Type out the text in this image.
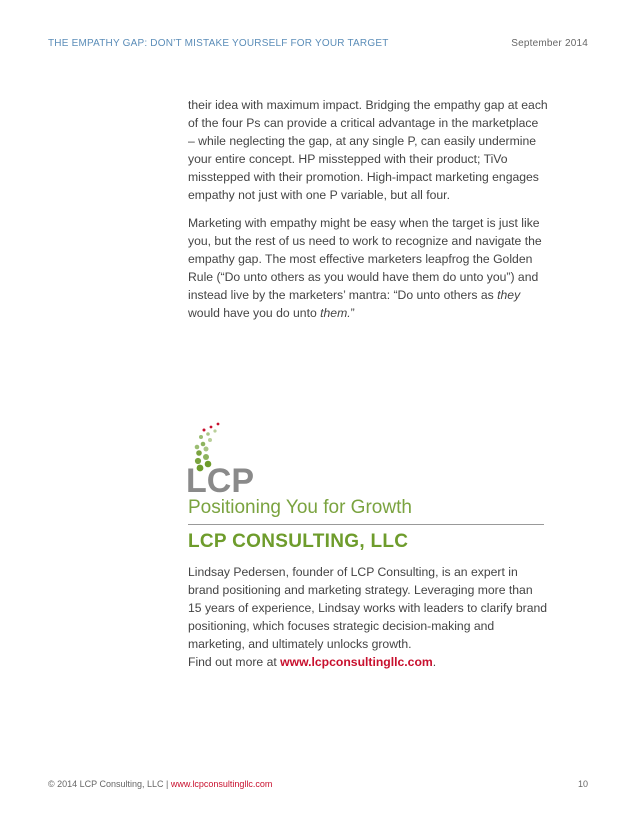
THE EMPATHY GAP: DON’T MISTAKE YOURSELF FOR YOUR TARGET	September 2014

their idea with maximum impact. Bridging the empathy gap at each of the four Ps can provide a critical advantage in the marketplace – while neglecting the gap, at any single P, can easily undermine your entire concept. HP misstepped with their product; TiVo misstepped with their promotion. High-impact marketing engages empathy not just with one P variable, but all four.

Marketing with empathy might be easy when the target is just like you, but the rest of us need to work to recognize and navigate the empathy gap. The most effective marketers leapfrog the Golden Rule (“Do unto others as you would have them do unto you”) and instead live by the marketers’ mantra: “Do unto others as they would have you do unto them.”

LCP
Positioning You for Growth
LCP CONSULTING, LLC

Lindsay Pedersen, founder of LCP Consulting, is an expert in brand positioning and marketing strategy. Leveraging more than 15 years of experience, Lindsay works with leaders to clarify brand positioning, which focuses strategic decision-making and marketing, and ultimately unlocks growth.
Find out more at www.lcpconsultingllc.com.

© 2014 LCP Consulting, LLC | www.lcpconsultingllc.com	10
